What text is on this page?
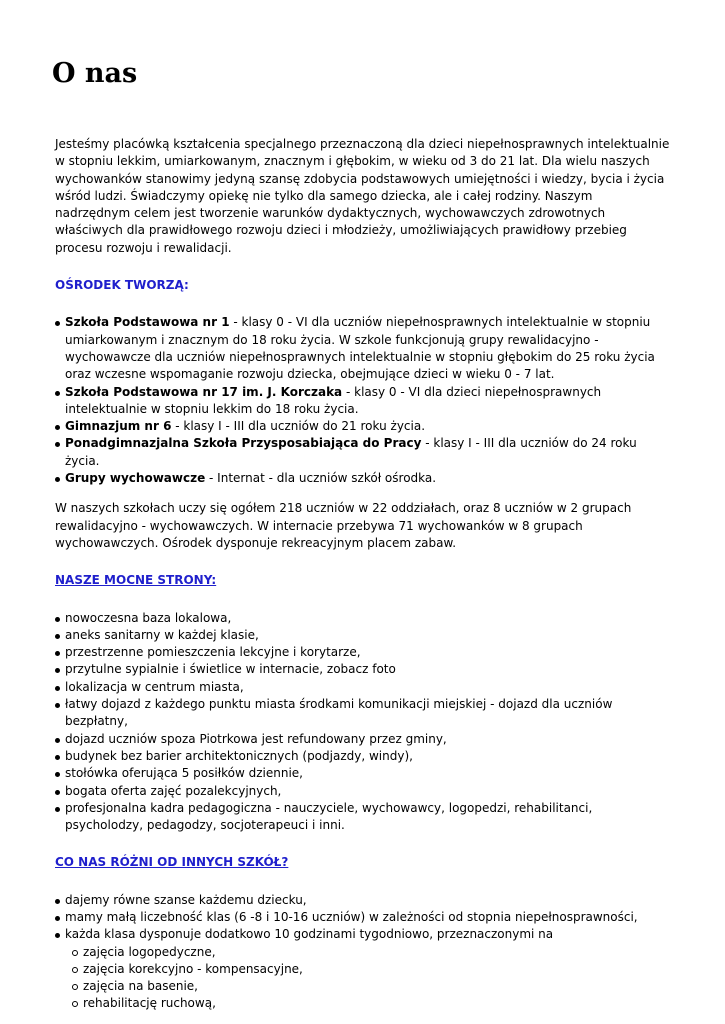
O nas

Jesteśmy placówką kształcenia specjalnego przeznaczoną dla dzieci niepełnosprawnych intelektualnie w stopniu lekkim, umiarkowanym, znacznym i głębokim, w wieku od 3 do 21 lat. Dla wielu naszych wychowanków stanowimy jedyną szansę zdobycia podstawowych umiejętności i wiedzy, bycia i życia wśród ludzi. Świadczymy opiekę nie tylko dla samego dziecka, ale i całej rodziny. Naszym nadrzędnym celem jest tworzenie warunków dydaktycznych, wychowawczych zdrowotnych właściwych dla prawidłowego rozwoju dzieci i młodzieży, umożliwiających prawidłowy przebieg procesu rozwoju i rewalidacji.

OŚRODEK TWORZĄ:

Szkoła Podstawowa nr 1 - klasy 0 - VI dla uczniów niepełnosprawnych intelektualnie w stopniu umiarkowanym i znacznym do 18 roku życia. W szkole funkcjonują grupy rewalidacyjno - wychowawcze dla uczniów niepełnosprawnych intelektualnie w stopniu głębokim do 25 roku życia oraz wczesne wspomaganie rozwoju dziecka, obejmujące dzieci w wieku 0 - 7 lat.
Szkoła Podstawowa nr 17 im. J. Korczaka - klasy 0 - VI dla dzieci niepełnosprawnych intelektualnie w stopniu lekkim do 18 roku życia.
Gimnazjum nr 6 - klasy I - III dla uczniów do 21 roku życia.
Ponadgimnazjalna Szkoła Przysposabiająca do Pracy - klasy I - III dla uczniów do 24 roku życia.
Grupy wychowawcze - Internat - dla uczniów szkół ośrodka.

W naszych szkołach uczy się ogółem 218 uczniów w 22 oddziałach, oraz 8 uczniów w 2 grupach rewalidacyjno - wychowawczych. W internacie przebywa 71 wychowanków w 8 grupach wychowawczych. Ośrodek dysponuje rekreacyjnym placem zabaw.

NASZE MOCNE STRONY:

nowoczesna baza lokalowa,
aneks sanitarny w każdej klasie,
przestrzenne pomieszczenia lekcyjne i korytarze,
przytulne sypialnie i świetlice w internacie, zobacz foto
lokalizacja w centrum miasta,
łatwy dojazd z każdego punktu miasta środkami komunikacji miejskiej - dojazd dla uczniów bezpłatny,
dojazd uczniów spoza Piotrkowa jest refundowany przez gminy,
budynek bez barier architektonicznych (podjazdy, windy),
stołówka oferująca 5 posiłków dziennie,
bogata oferta zajęć pozalekcyjnych,
profesjonalna kadra pedagogiczna - nauczyciele, wychowawcy, logopedzi, rehabilitanci, psycholodzy, pedagodzy, socjoterapeuci i inni.

CO NAS RÓŻNI OD INNYCH SZKÓŁ?

dajemy równe szanse każdemu dziecku,
mamy małą liczebność klas (6 -8 i 10-16 uczniów) w zależności od stopnia niepełnosprawności,
każda klasa dysponuje dodatkowo 10 godzinami tygodniowo, przeznaczonymi na
zajęcia logopedyczne,
zajęcia korekcyjno - kompensacyjne,
zajęcia na basenie,
rehabilitację ruchową,
